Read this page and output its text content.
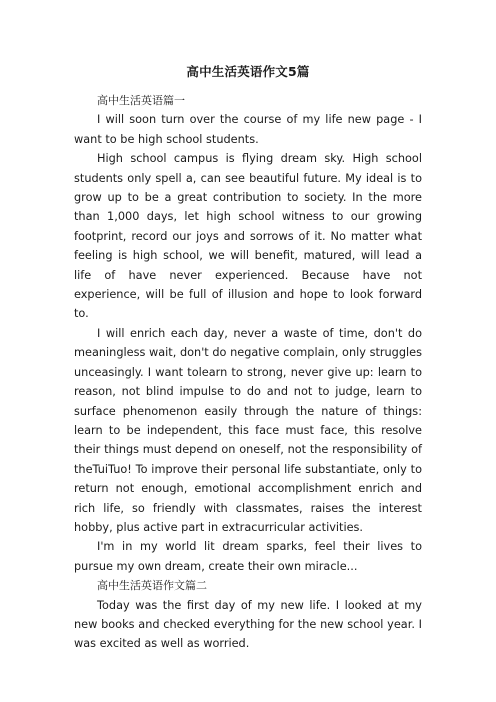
高中生活英语作文5篇

高中生活英语篇一

I will soon turn over the course of my life new page - I want to be high school students.

High school campus is flying dream sky. High school students only spell a, can see beautiful future. My ideal is to grow up to be a great contribution to society. In the more than 1,000 days, let high school witness to our growing footprint, record our joys and sorrows of it. No matter what feeling is high school, we will benefit, matured, will lead a life of have never experienced. Because have not experience, will be full of illusion and hope to look forward to.

I will enrich each day, never a waste of time, don't do meaningless wait, don't do negative complain, only struggles unceasingly. I want tolearn to strong, never give up: learn to reason, not blind impulse to do and not to judge, learn to surface phenomenon easily through the nature of things: learn to be independent, this face must face, this resolve their things must depend on oneself, not the responsibility of theTuiTuo! To improve their personal life substantiate, only to return not enough, emotional accomplishment enrich and rich life, so friendly with classmates, raises the interest hobby, plus active part in extracurricular activities.

I'm in my world lit dream sparks, feel their lives to pursue my own dream, create their own miracle...

高中生活英语作文篇二

Today was the first day of my new life. I looked at my new books and checked everything for the new school year. I was excited as well as worried.
